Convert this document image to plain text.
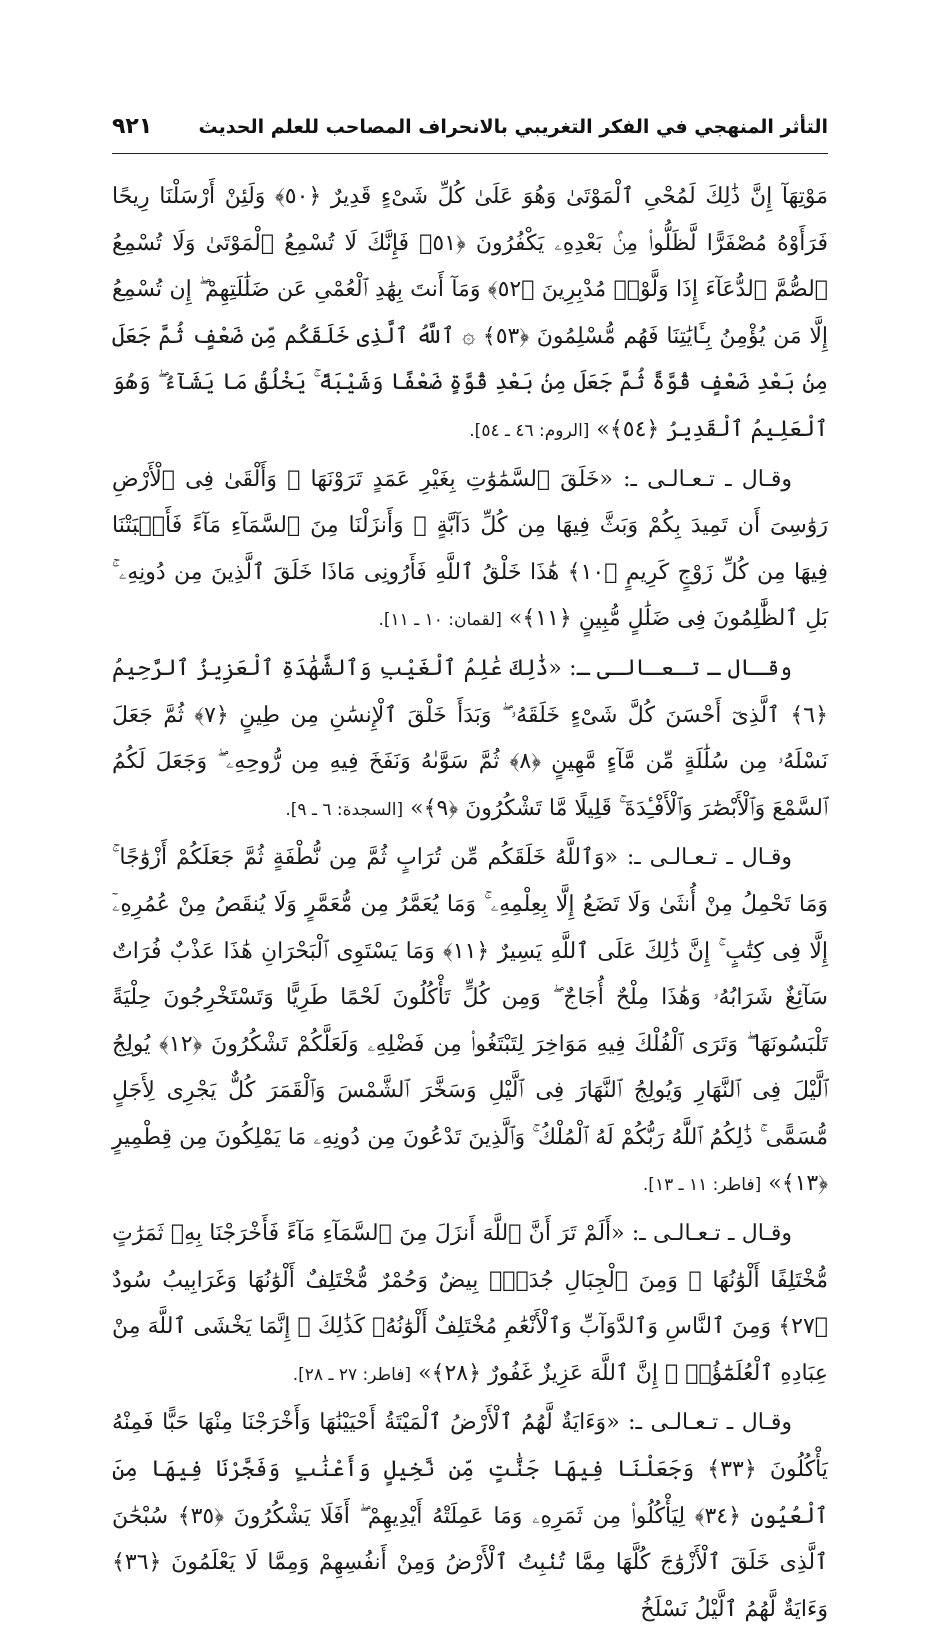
التأثر المنهجي في الفكر التغريبي بالانحراف المصاحب للعلم الحديث
٩٢١

مَوْتِهَآ إِنَّ ذَٰلِكَ لَمُحْىِ ٱلْمَوْتَىٰ وَهُوَ عَلَىٰ كُلِّ شَىْءٍ قَدِيرٌ ﴿٥٠﴾ وَلَئِنْ أَرْسَلْنَا رِيحًا فَرَأَوْهُ مُصْفَرًّا لَّظَلُّوا۟ مِنۢ بَعْدِهِۦ يَكْفُرُونَ ﴿٥١﴾ فَإِنَّكَ لَا تُسْمِعُ ٱلْمَوْتَىٰ وَلَا تُسْمِعُ ٱلصُّمَّ ٱلدُّعَآءَ إِذَا وَلَّوْا۟ مُدْبِرِينَ ﴿٥٢﴾ وَمَآ أَنتَ بِهَٰدِ ٱلْعُمْىِ عَن ضَلَٰلَتِهِمْ ۖ إِن تُسْمِعُ إِلَّا مَن يُؤْمِنُ بِـَٔايَٰتِنَا فَهُم مُّسْلِمُونَ ﴿٥٣﴾ ۞ ٱللَّهُ ٱلَّذِى خَلَقَكُم مِّن ضَعْفٍ ثُمَّ جَعَلَ مِنۢ بَعْدِ ضَعْفٍ قُوَّةً ثُمَّ جَعَلَ مِنۢ بَعْدِ قُوَّةٍ ضَعْفًا وَشَيْبَةً ۚ يَخْلُقُ مَا يَشَآءُ ۖ وَهُوَ ٱلْعَلِيمُ ٱلْقَدِيرُ ﴿٥٤﴾» [الروم: ٤٦ ـ ٥٤].

وقـال ـ تـعـالـى ـ: «خَلَقَ ٱلسَّمَٰوَٰتِ بِغَيْرِ عَمَدٍ تَرَوْنَهَا ۖ وَأَلْقَىٰ فِى ٱلْأَرْضِ رَوَٰسِىَ أَن تَمِيدَ بِكُمْ وَبَثَّ فِيهَا مِن كُلِّ دَآبَّةٍ ۚ وَأَنزَلْنَا مِنَ ٱلسَّمَآءِ مَآءً فَأَنۢبَتْنَا فِيهَا مِن كُلِّ زَوْجٍ كَرِيمٍ ﴿١٠﴾ هَٰذَا خَلْقُ ٱللَّهِ فَأَرُونِى مَاذَا خَلَقَ ٱلَّذِينَ مِن دُونِهِۦ ۚ بَلِ ٱلظَّٰلِمُونَ فِى ضَلَٰلٍ مُّبِينٍ ﴿١١﴾» [لقمان: ١٠ ـ ١١].

وقـال ـ تـعـالـى ـ: «ذَٰلِكَ عَٰلِمُ ٱلْغَيْبِ وَٱلشَّهَٰدَةِ ٱلْعَزِيزُ ٱلرَّحِيمُ ﴿٦﴾ ٱلَّذِىٓ أَحْسَنَ كُلَّ شَىْءٍ خَلَقَهُۥ ۖ وَبَدَأَ خَلْقَ ٱلْإِنسَٰنِ مِن طِينٍ ﴿٧﴾ ثُمَّ جَعَلَ نَسْلَهُۥ مِن سُلَٰلَةٍ مِّن مَّآءٍ مَّهِينٍ ﴿٨﴾ ثُمَّ سَوَّىٰهُ وَنَفَخَ فِيهِ مِن رُّوحِهِۦ ۖ وَجَعَلَ لَكُمُ ٱلسَّمْعَ وَٱلْأَبْصَٰرَ وَٱلْأَفْـِٔدَةَ ۚ قَلِيلًا مَّا تَشْكُرُونَ ﴿٩﴾» [السجدة: ٦ ـ ٩].

وقـال ـ تـعـالـى ـ: «وَٱللَّهُ خَلَقَكُم مِّن تُرَابٍ ثُمَّ مِن نُّطْفَةٍ ثُمَّ جَعَلَكُمْ أَزْوَٰجًا ۚ وَمَا تَحْمِلُ مِنْ أُنثَىٰ وَلَا تَضَعُ إِلَّا بِعِلْمِهِۦ ۚ وَمَا يُعَمَّرُ مِن مُّعَمَّرٍ وَلَا يُنقَصُ مِنْ عُمُرِهِۦٓ إِلَّا فِى كِتَٰبٍ ۚ إِنَّ ذَٰلِكَ عَلَى ٱللَّهِ يَسِيرٌ ﴿١١﴾ وَمَا يَسْتَوِى ٱلْبَحْرَانِ هَٰذَا عَذْبٌ فُرَاتٌ سَآئِغٌ شَرَابُهُۥ وَهَٰذَا مِلْحٌ أُجَاجٌ ۖ وَمِن كُلٍّ تَأْكُلُونَ لَحْمًا طَرِيًّا وَتَسْتَخْرِجُونَ حِلْيَةً تَلْبَسُونَهَا ۖ وَتَرَى ٱلْفُلْكَ فِيهِ مَوَاخِرَ لِتَبْتَغُوا۟ مِن فَضْلِهِۦ وَلَعَلَّكُمْ تَشْكُرُونَ ﴿١٢﴾ يُولِجُ ٱلَّيْلَ فِى ٱلنَّهَارِ وَيُولِجُ ٱلنَّهَارَ فِى ٱلَّيْلِ وَسَخَّرَ ٱلشَّمْسَ وَٱلْقَمَرَ كُلٌّ يَجْرِى لِأَجَلٍ مُّسَمًّى ۚ ذَٰلِكُمُ ٱللَّهُ رَبُّكُمْ لَهُ ٱلْمُلْكُ ۚ وَٱلَّذِينَ تَدْعُونَ مِن دُونِهِۦ مَا يَمْلِكُونَ مِن قِطْمِيرٍ ﴿١٣﴾» [فاطر: ١١ ـ ١٣].

وقـال ـ تـعـالـى ـ: «أَلَمْ تَرَ أَنَّ ٱللَّهَ أَنزَلَ مِنَ ٱلسَّمَآءِ مَآءً فَأَخْرَجْنَا بِهِۦ ثَمَرَٰتٍ مُّخْتَلِفًا أَلْوَٰنُهَا ۚ وَمِنَ ٱلْجِبَالِ جُدَدٌۢ بِيضٌ وَحُمْرٌ مُّخْتَلِفٌ أَلْوَٰنُهَا وَغَرَابِيبُ سُودٌ ﴿٢٧﴾ وَمِنَ ٱلنَّاسِ وَٱلدَّوَآبِّ وَٱلْأَنْعَٰمِ مُخْتَلِفٌ أَلْوَٰنُهُۥ كَذَٰلِكَ ۗ إِنَّمَا يَخْشَى ٱللَّهَ مِنْ عِبَادِهِ ٱلْعُلَمَٰٓؤُا۟ ۗ إِنَّ ٱللَّهَ عَزِيزٌ غَفُورٌ ﴿٢٨﴾» [فاطر: ٢٧ ـ ٢٨].

وقـال ـ تـعـالـى ـ: «وَءَايَةٌ لَّهُمُ ٱلْأَرْضُ ٱلْمَيْتَةُ أَحْيَيْنَٰهَا وَأَخْرَجْنَا مِنْهَا حَبًّا فَمِنْهُ يَأْكُلُونَ ﴿٣٣﴾ وَجَعَلْنَا فِيهَا جَنَّٰتٍ مِّن نَّخِيلٍ وَأَعْنَٰبٍ وَفَجَّرْنَا فِيهَا مِنَ ٱلْعُيُونِ ﴿٣٤﴾ لِيَأْكُلُوا۟ مِن ثَمَرِهِۦ وَمَا عَمِلَتْهُ أَيْدِيهِمْ ۖ أَفَلَا يَشْكُرُونَ ﴿٣٥﴾ سُبْحَٰنَ ٱلَّذِى خَلَقَ ٱلْأَزْوَٰجَ كُلَّهَا مِمَّا تُنۢبِتُ ٱلْأَرْضُ وَمِنْ أَنفُسِهِمْ وَمِمَّا لَا يَعْلَمُونَ ﴿٣٦﴾ وَءَايَةٌ لَّهُمُ ٱلَّيْلُ نَسْلَخُ
